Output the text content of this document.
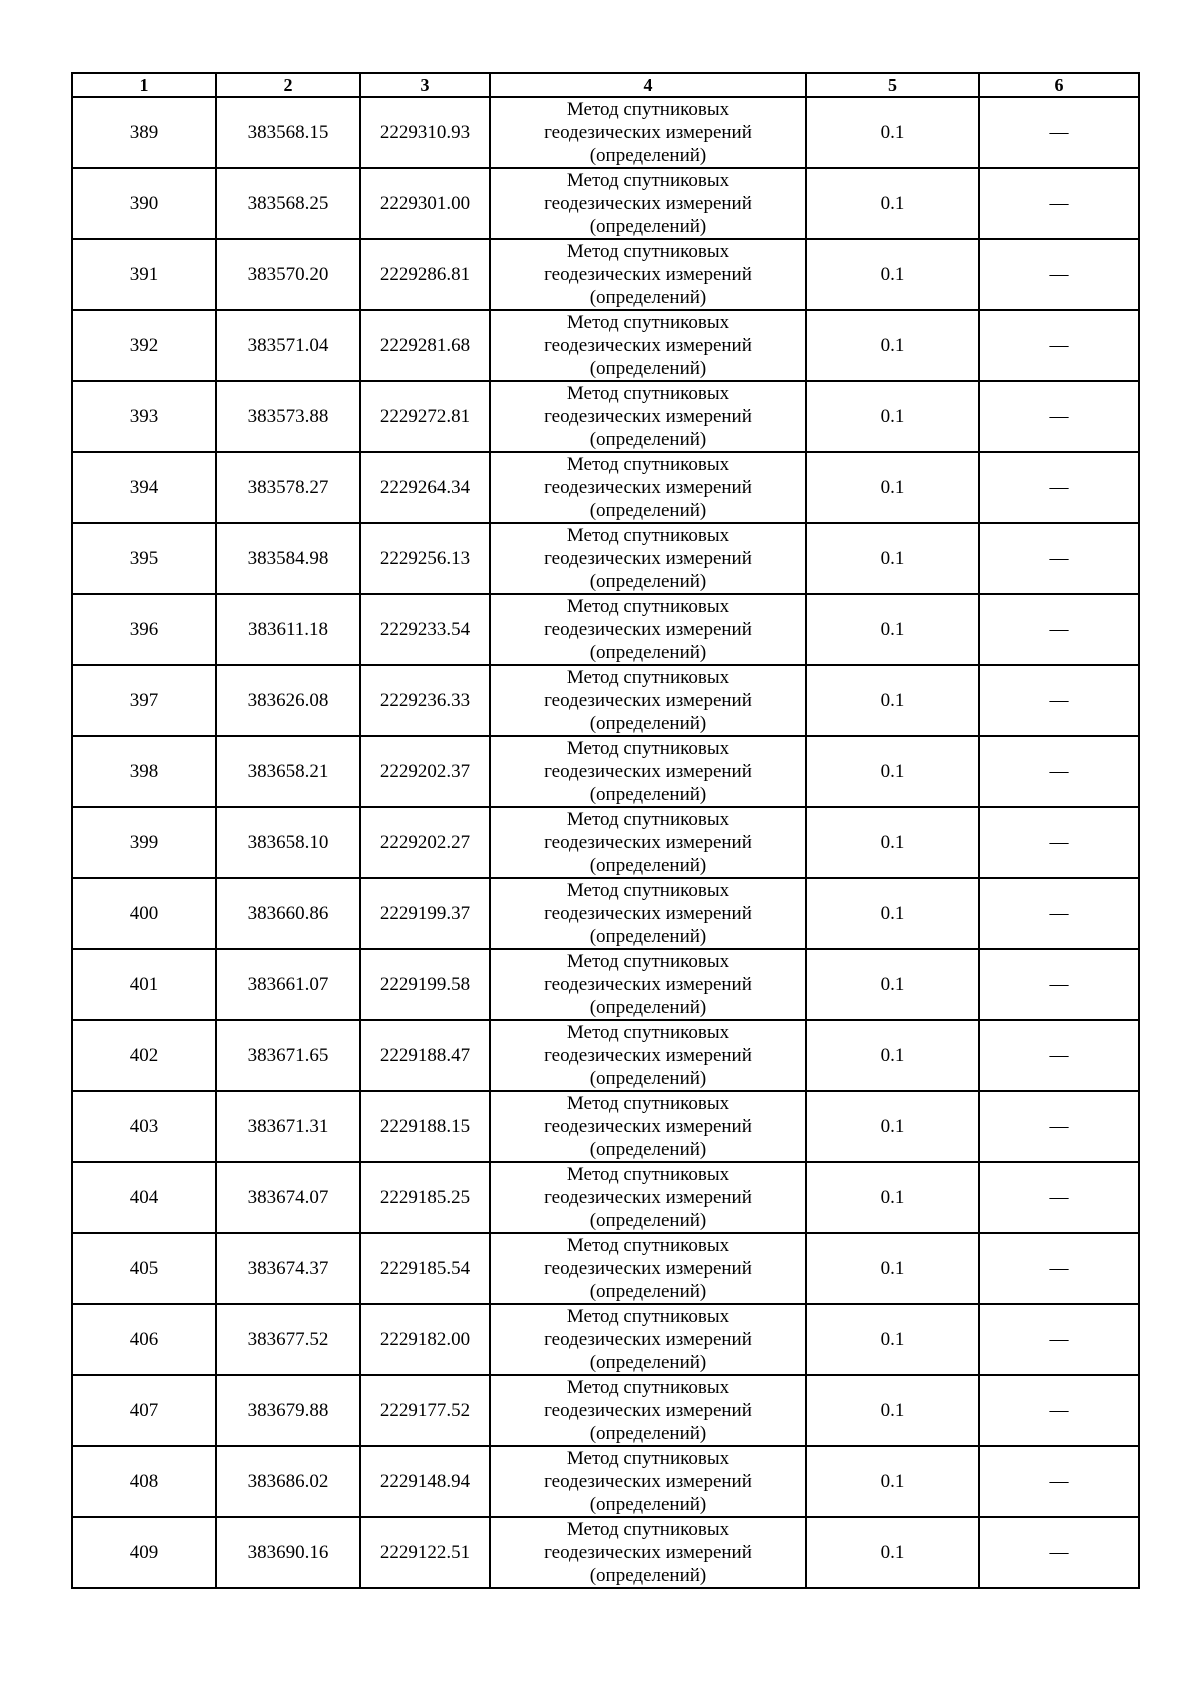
1	2	3	4	5	6
389	383568.15	2229310.93	Метод спутниковых
геодезических измерений
(определений)	0.1	—
390	383568.25	2229301.00	Метод спутниковых
геодезических измерений
(определений)	0.1	—
391	383570.20	2229286.81	Метод спутниковых
геодезических измерений
(определений)	0.1	—
392	383571.04	2229281.68	Метод спутниковых
геодезических измерений
(определений)	0.1	—
393	383573.88	2229272.81	Метод спутниковых
геодезических измерений
(определений)	0.1	—
394	383578.27	2229264.34	Метод спутниковых
геодезических измерений
(определений)	0.1	—
395	383584.98	2229256.13	Метод спутниковых
геодезических измерений
(определений)	0.1	—
396	383611.18	2229233.54	Метод спутниковых
геодезических измерений
(определений)	0.1	—
397	383626.08	2229236.33	Метод спутниковых
геодезических измерений
(определений)	0.1	—
398	383658.21	2229202.37	Метод спутниковых
геодезических измерений
(определений)	0.1	—
399	383658.10	2229202.27	Метод спутниковых
геодезических измерений
(определений)	0.1	—
400	383660.86	2229199.37	Метод спутниковых
геодезических измерений
(определений)	0.1	—
401	383661.07	2229199.58	Метод спутниковых
геодезических измерений
(определений)	0.1	—
402	383671.65	2229188.47	Метод спутниковых
геодезических измерений
(определений)	0.1	—
403	383671.31	2229188.15	Метод спутниковых
геодезических измерений
(определений)	0.1	—
404	383674.07	2229185.25	Метод спутниковых
геодезических измерений
(определений)	0.1	—
405	383674.37	2229185.54	Метод спутниковых
геодезических измерений
(определений)	0.1	—
406	383677.52	2229182.00	Метод спутниковых
геодезических измерений
(определений)	0.1	—
407	383679.88	2229177.52	Метод спутниковых
геодезических измерений
(определений)	0.1	—
408	383686.02	2229148.94	Метод спутниковых
геодезических измерений
(определений)	0.1	—
409	383690.16	2229122.51	Метод спутниковых
геодезических измерений
(определений)	0.1	—
